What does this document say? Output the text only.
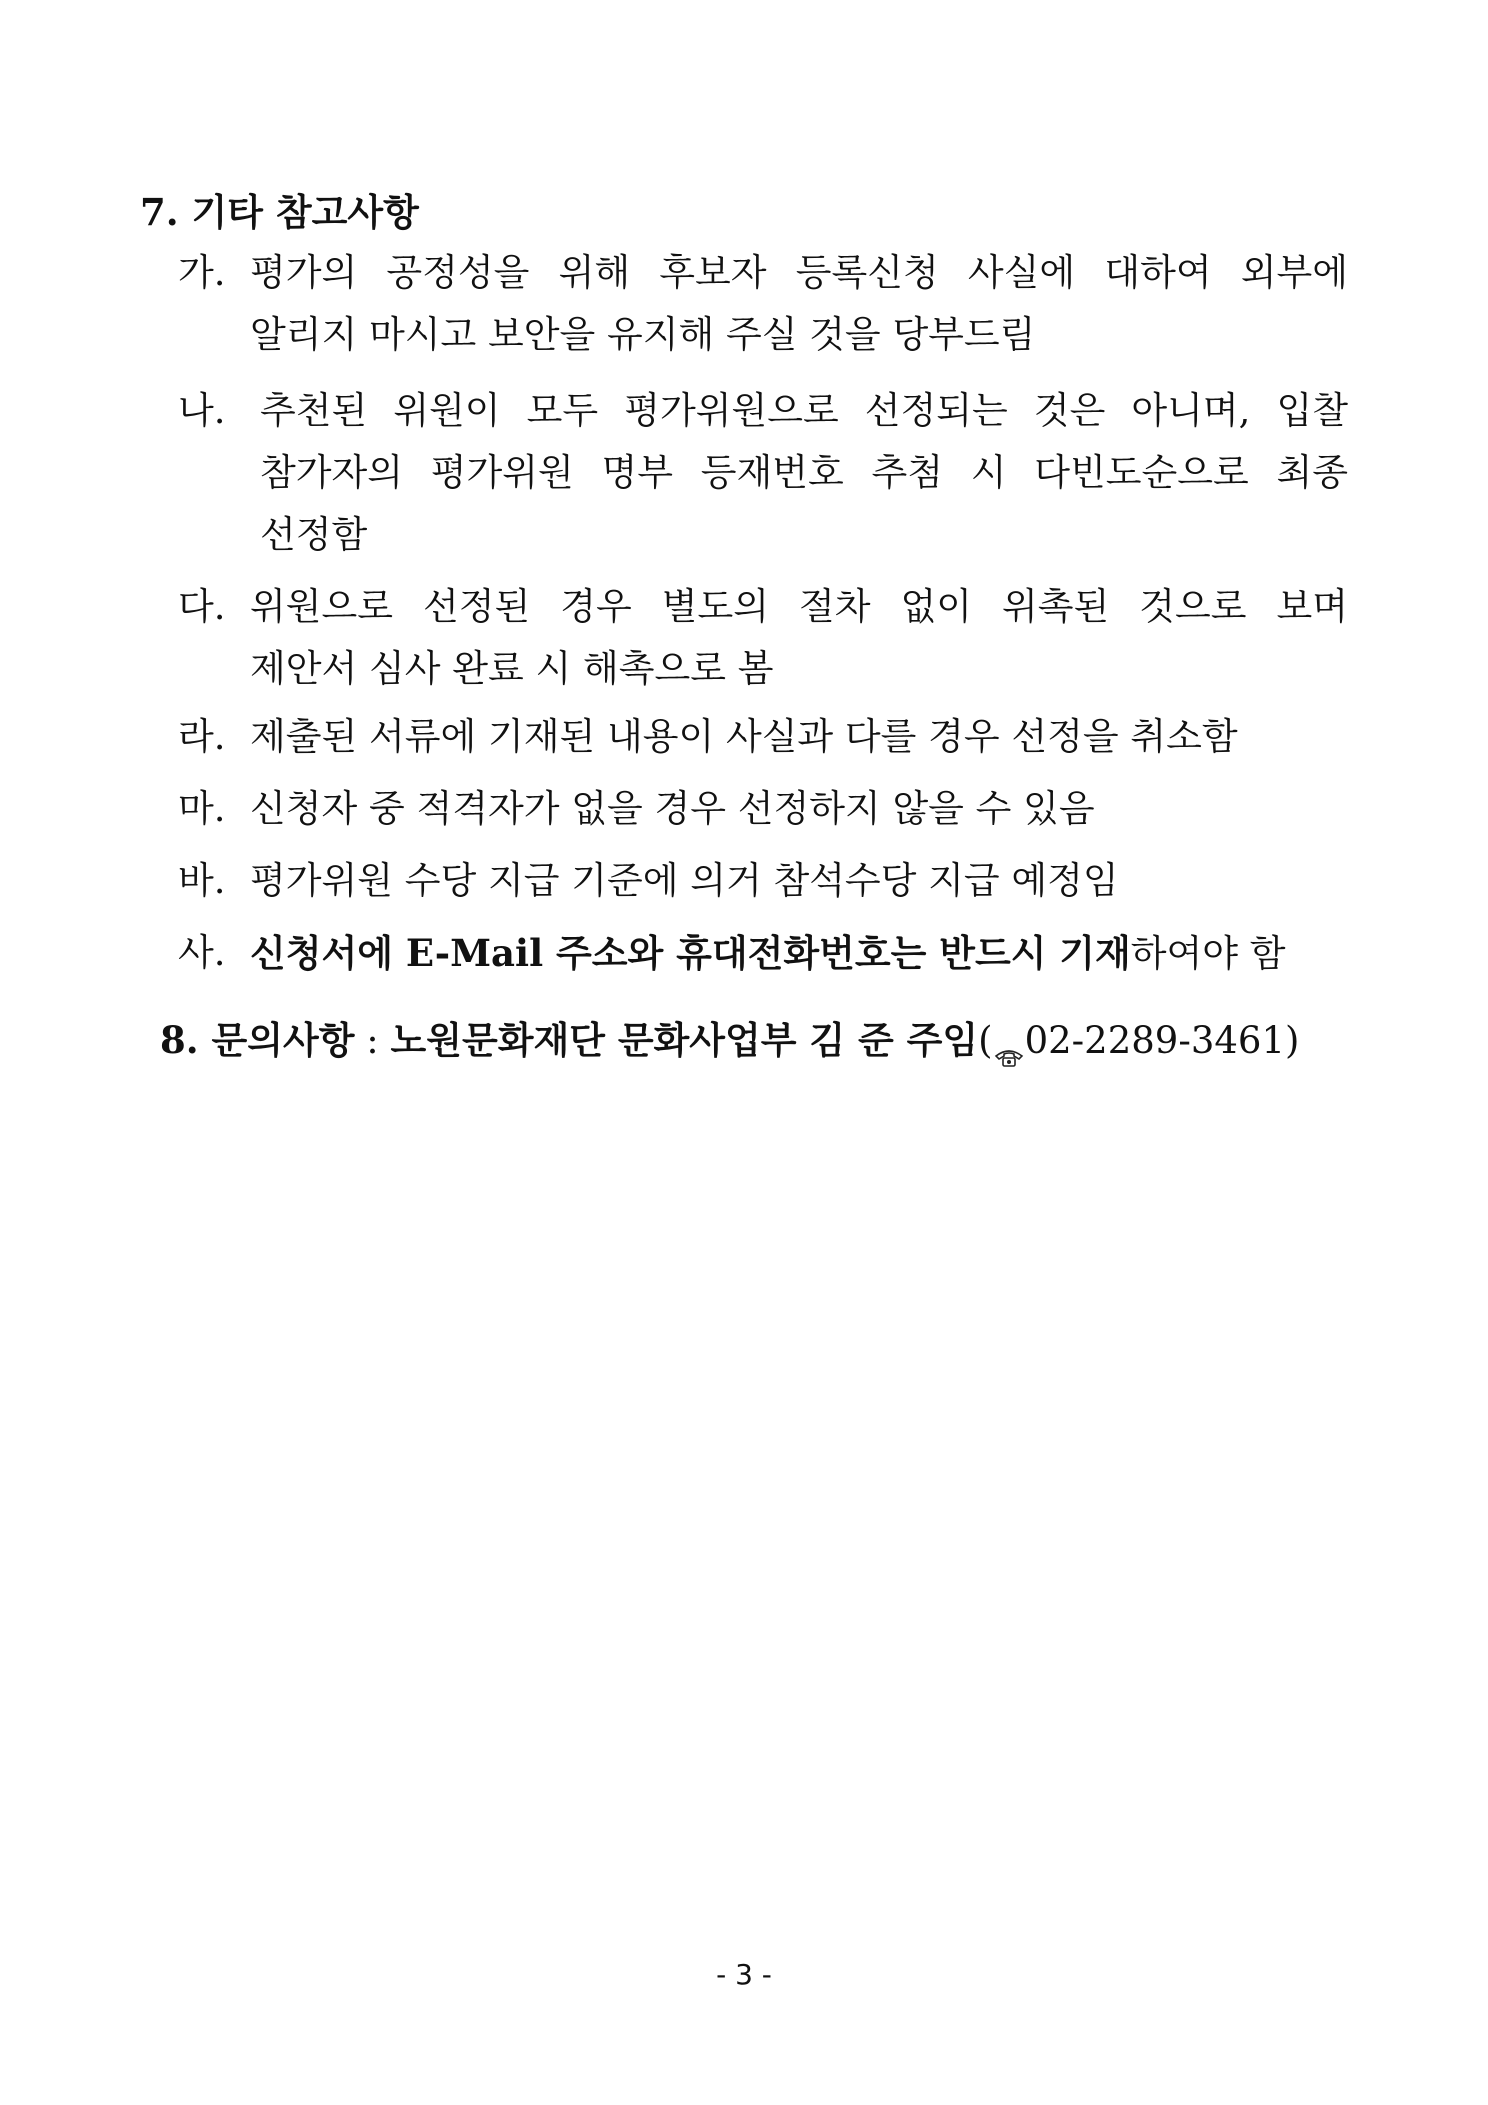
7. 기타 참고사항
가. 평가의 공정성을 위해 후보자 등록신청 사실에 대하여 외부에
알리지 마시고 보안을 유지해 주실 것을 당부드림
나. 추천된 위원이 모두 평가위원으로 선정되는 것은 아니며, 입찰
참가자의 평가위원 명부 등재번호 추첨 시 다빈도순으로 최종
선정함
다. 위원으로 선정된 경우 별도의 절차 없이 위촉된 것으로 보며
제안서 심사 완료 시 해촉으로 봄
라. 제출된 서류에 기재된 내용이 사실과 다를 경우 선정을 취소함
마. 신청자 중 적격자가 없을 경우 선정하지 않을 수 있음
바. 평가위원 수당 지급 기준에 의거 참석수당 지급 예정임
사. 신청서에 E-Mail 주소와 휴대전화번호는 반드시 기재하여야 함
8. 문의사항 : 노원문화재단 문화사업부 김 준 주임( 02-2289-3461)
- 3 -
